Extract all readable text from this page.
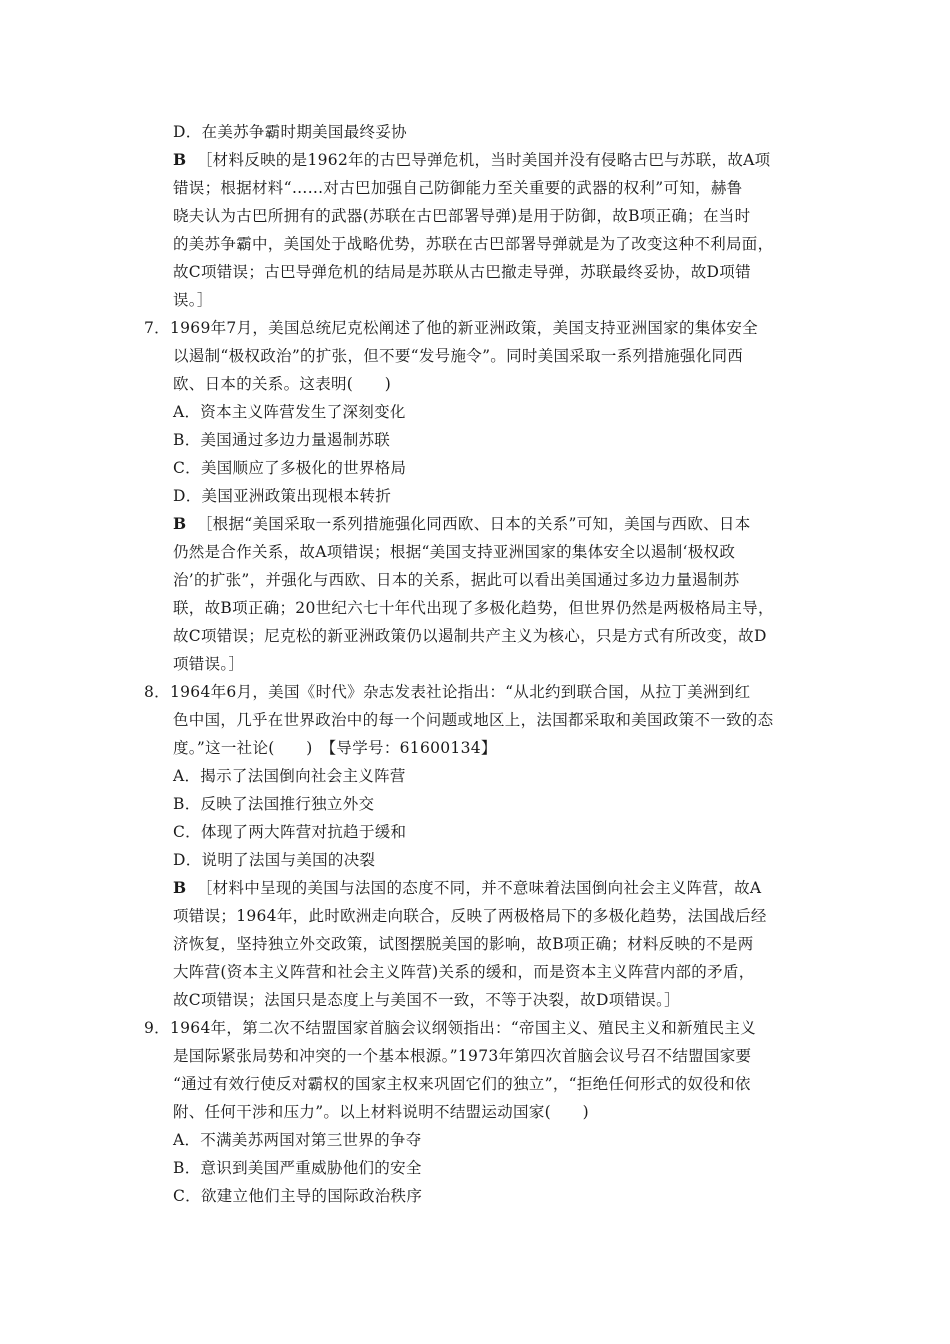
D．在美苏争霸时期美国最终妥协
B ［材料反映的是1962年的古巴导弹危机，当时美国并没有侵略古巴与苏联，故A项
错误；根据材料“……对古巴加强自己防御能力至关重要的武器的权利”可知，赫鲁
晓夫认为古巴所拥有的武器(苏联在古巴部署导弹)是用于防御，故B项正确；在当时
的美苏争霸中，美国处于战略优势，苏联在古巴部署导弹就是为了改变这种不利局面，
故C项错误；古巴导弹危机的结局是苏联从古巴撤走导弹，苏联最终妥协，故D项错
误。］
7．1969年7月，美国总统尼克松阐述了他的新亚洲政策，美国支持亚洲国家的集体安全
以遏制“极权政治”的扩张，但不要“发号施令”。同时美国采取一系列措施强化同西
欧、日本的关系。这表明(　　)
A．资本主义阵营发生了深刻变化
B．美国通过多边力量遏制苏联
C．美国顺应了多极化的世界格局
D．美国亚洲政策出现根本转折
B ［根据“美国采取一系列措施强化同西欧、日本的关系”可知，美国与西欧、日本
仍然是合作关系，故A项错误；根据“美国支持亚洲国家的集体安全以遏制‘极权政
治’的扩张”，并强化与西欧、日本的关系，据此可以看出美国通过多边力量遏制苏
联，故B项正确；20世纪六七十年代出现了多极化趋势，但世界仍然是两极格局主导，
故C项错误；尼克松的新亚洲政策仍以遏制共产主义为核心，只是方式有所改变，故D
项错误。］
8．1964年6月，美国《时代》杂志发表社论指出：“从北约到联合国，从拉丁美洲到红
色中国，几乎在世界政治中的每一个问题或地区上，法国都采取和美国政策不一致的态
度。”这一社论(　　)　【导学号：61600134】
A．揭示了法国倒向社会主义阵营
B．反映了法国推行独立外交
C．体现了两大阵营对抗趋于缓和
D．说明了法国与美国的决裂
B ［材料中呈现的美国与法国的态度不同，并不意味着法国倒向社会主义阵营，故A
项错误；1964年，此时欧洲走向联合，反映了两极格局下的多极化趋势，法国战后经
济恢复，坚持独立外交政策，试图摆脱美国的影响，故B项正确；材料反映的不是两
大阵营(资本主义阵营和社会主义阵营)关系的缓和，而是资本主义阵营内部的矛盾，
故C项错误；法国只是态度上与美国不一致，不等于决裂，故D项错误。］
9．1964年，第二次不结盟国家首脑会议纲领指出：“帝国主义、殖民主义和新殖民主义
是国际紧张局势和冲突的一个基本根源。”1973年第四次首脑会议号召不结盟国家要
“通过有效行使反对霸权的国家主权来巩固它们的独立”，“拒绝任何形式的奴役和依
附、任何干涉和压力”。以上材料说明不结盟运动国家(　　)
A．不满美苏两国对第三世界的争夺
B．意识到美国严重威胁他们的安全
C．欲建立他们主导的国际政治秩序
